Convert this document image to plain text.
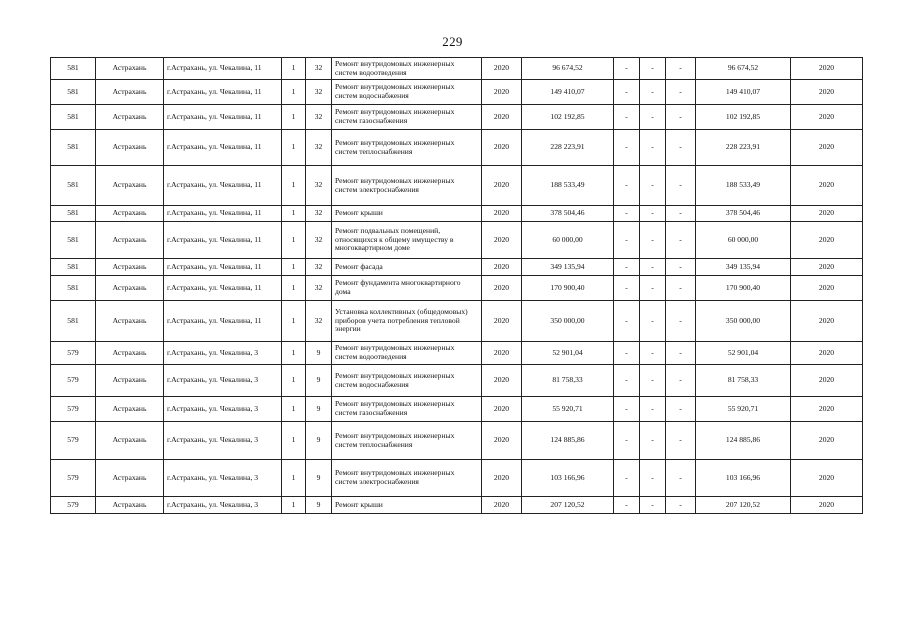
229
581	Астрахань	г.Астрахань, ул. Чекалина, 11	1	32	Ремонт внутридомовых инженерных систем водоотведения	2020	96 674,52	-	-	-	96 674,52	2020
581	Астрахань	г.Астрахань, ул. Чекалина, 11	1	32	Ремонт внутридомовых инженерных систем водоснабжения	2020	149 410,07	-	-	-	149 410,07	2020
581	Астрахань	г.Астрахань, ул. Чекалина, 11	1	32	Ремонт внутридомовых инженерных систем газоснабжения	2020	102 192,85	-	-	-	102 192,85	2020
581	Астрахань	г.Астрахань, ул. Чекалина, 11	1	32	Ремонт внутридомовых инженерных систем теплоснабжения	2020	228 223,91	-	-	-	228 223,91	2020
581	Астрахань	г.Астрахань, ул. Чекалина, 11	1	32	Ремонт внутридомовых инженерных систем электроснабжения	2020	188 533,49	-	-	-	188 533,49	2020
581	Астрахань	г.Астрахань, ул. Чекалина, 11	1	32	Ремонт крыши	2020	378 504,46	-	-	-	378 504,46	2020
581	Астрахань	г.Астрахань, ул. Чекалина, 11	1	32	Ремонт подвальных помещений, относящихся к общему имуществу в многоквартирном доме	2020	60 000,00	-	-	-	60 000,00	2020
581	Астрахань	г.Астрахань, ул. Чекалина, 11	1	32	Ремонт фасада	2020	349 135,94	-	-	-	349 135,94	2020
581	Астрахань	г.Астрахань, ул. Чекалина, 11	1	32	Ремонт фундамента многоквартирного дома	2020	170 900,40	-	-	-	170 900,40	2020
581	Астрахань	г.Астрахань, ул. Чекалина, 11	1	32	Установка коллективных (общедомовых) приборов учета потребления тепловой энергии	2020	350 000,00	-	-	-	350 000,00	2020
579	Астрахань	г.Астрахань, ул. Чекалина, 3	1	9	Ремонт внутридомовых инженерных систем водоотведения	2020	52 901,04	-	-	-	52 901,04	2020
579	Астрахань	г.Астрахань, ул. Чекалина, 3	1	9	Ремонт внутридомовых инженерных систем водоснабжения	2020	81 758,33	-	-	-	81 758,33	2020
579	Астрахань	г.Астрахань, ул. Чекалина, 3	1	9	Ремонт внутридомовых инженерных систем газоснабжения	2020	55 920,71	-	-	-	55 920,71	2020
579	Астрахань	г.Астрахань, ул. Чекалина, 3	1	9	Ремонт внутридомовых инженерных систем теплоснабжения	2020	124 885,86	-	-	-	124 885,86	2020
579	Астрахань	г.Астрахань, ул. Чекалина, 3	1	9	Ремонт внутридомовых инженерных систем электроснабжения	2020	103 166,96	-	-	-	103 166,96	2020
579	Астрахань	г.Астрахань, ул. Чекалина, 3	1	9	Ремонт крыши	2020	207 120,52	-	-	-	207 120,52	2020
